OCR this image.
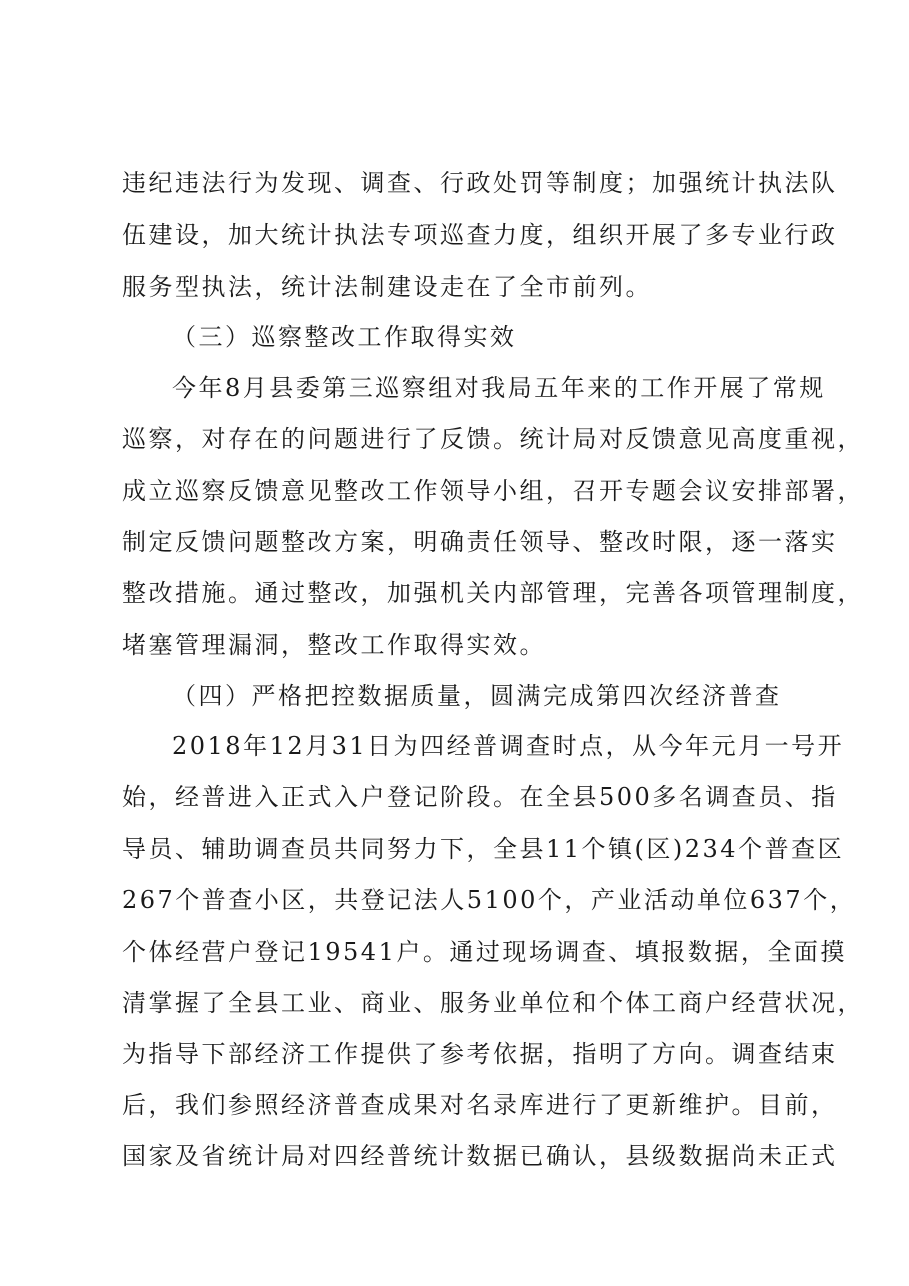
违纪违法行为发现、调查、行政处罚等制度；加强统计执法队
伍建设，加大统计执法专项巡查力度，组织开展了多专业行政
服务型执法，统计法制建设走在了全市前列。
（三）巡察整改工作取得实效
今年8月县委第三巡察组对我局五年来的工作开展了常规
巡察，对存在的问题进行了反馈。统计局对反馈意见高度重视，
成立巡察反馈意见整改工作领导小组，召开专题会议安排部署，
制定反馈问题整改方案，明确责任领导、整改时限，逐一落实
整改措施。通过整改，加强机关内部管理，完善各项管理制度，
堵塞管理漏洞，整改工作取得实效。
（四）严格把控数据质量，圆满完成第四次经济普查
2018年12月31日为四经普调查时点，从今年元月一号开
始，经普进入正式入户登记阶段。在全县500多名调查员、指
导员、辅助调查员共同努力下，全县11个镇(区)234个普查区
267个普查小区，共登记法人5100个，产业活动单位637个，
个体经营户登记19541户。通过现场调查、填报数据，全面摸
清掌握了全县工业、商业、服务业单位和个体工商户经营状况，
为指导下部经济工作提供了参考依据，指明了方向。调查结束
后，我们参照经济普查成果对名录库进行了更新维护。目前，
国家及省统计局对四经普统计数据已确认，县级数据尚未正式
